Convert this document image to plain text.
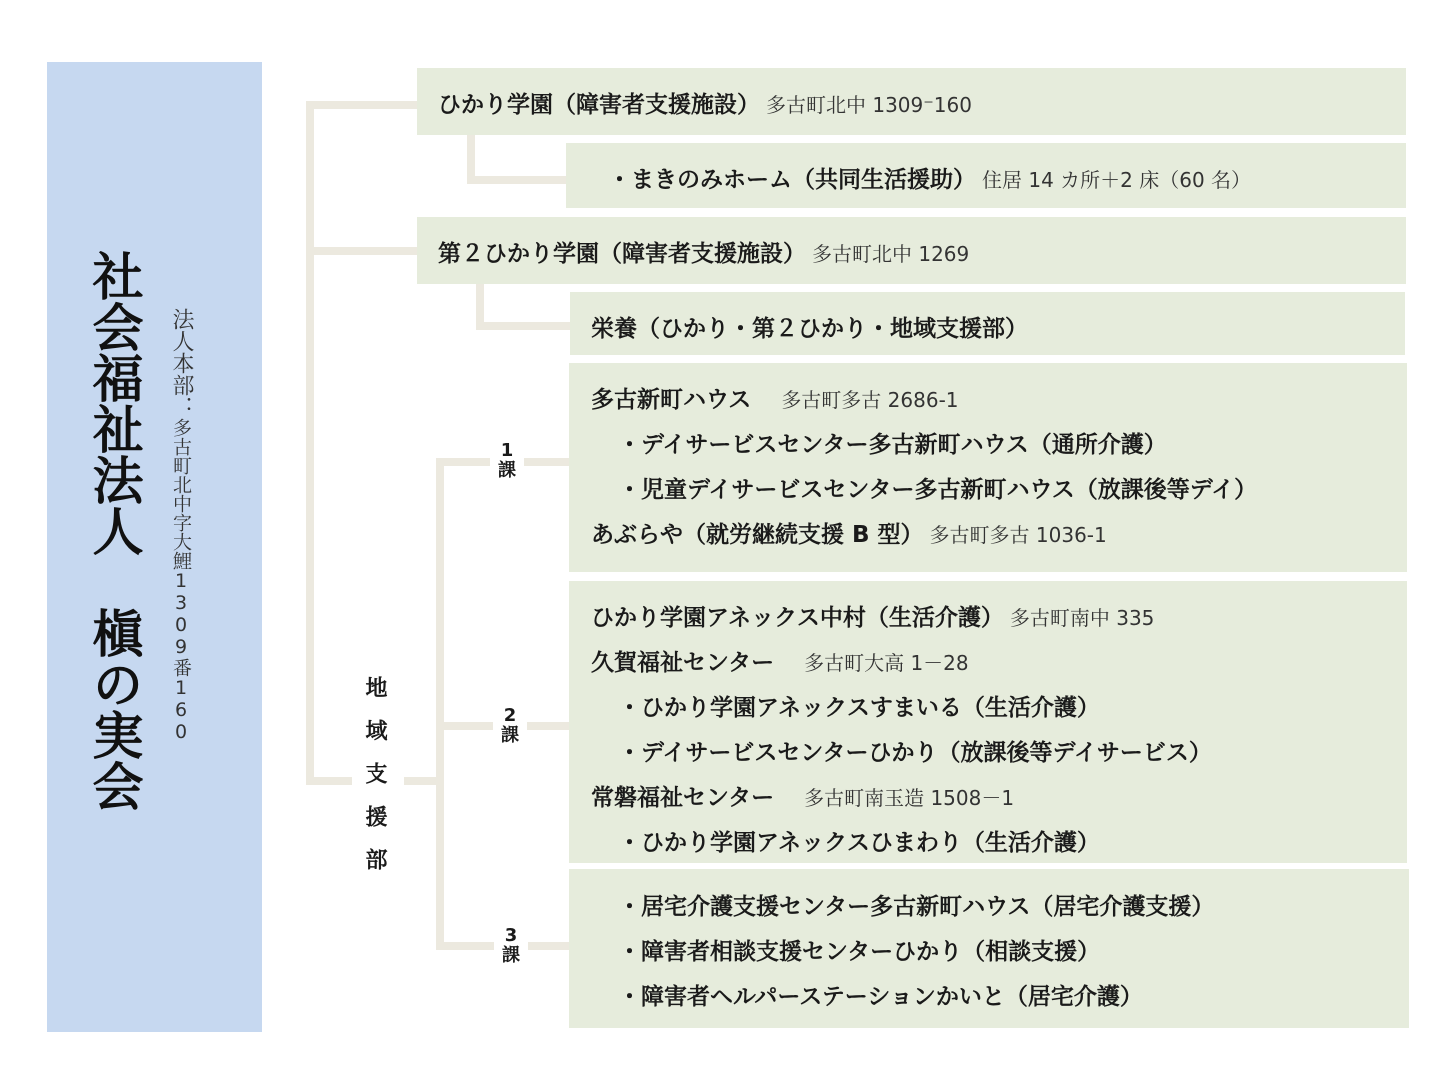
社会福祉法人　槇の実会 法人本部：多古町北中字大鯉1309番160
地域支援部
1
課
2
課
3
課
ひかり学園（障害者支援施設） 多古町北中 1309⁻160
・まきのみホーム（共同生活援助） 住居 14 カ所＋2 床（60 名）
第２ひかり学園（障害者支援施設） 多古町北中 1269
栄養（ひかり・第２ひかり・地域支援部）
多古新町ハウス 多古町多古 2686-1
・デイサービスセンター多古新町ハウス（通所介護）
・児童デイサービスセンター多古新町ハウス（放課後等デイ）
あぶらや（就労継続支援 B 型） 多古町多古 1036-1
ひかり学園アネックス中村（生活介護） 多古町南中 335
久賀福祉センター 多古町大高 1－28
・ひかり学園アネックスすまいる（生活介護）
・デイサービスセンターひかり（放課後等デイサービス）
常磐福祉センター 多古町南玉造 1508－1
・ひかり学園アネックスひまわり（生活介護）
・居宅介護支援センター多古新町ハウス（居宅介護支援）
・障害者相談支援センターひかり（相談支援）
・障害者ヘルパーステーションかいと（居宅介護）
